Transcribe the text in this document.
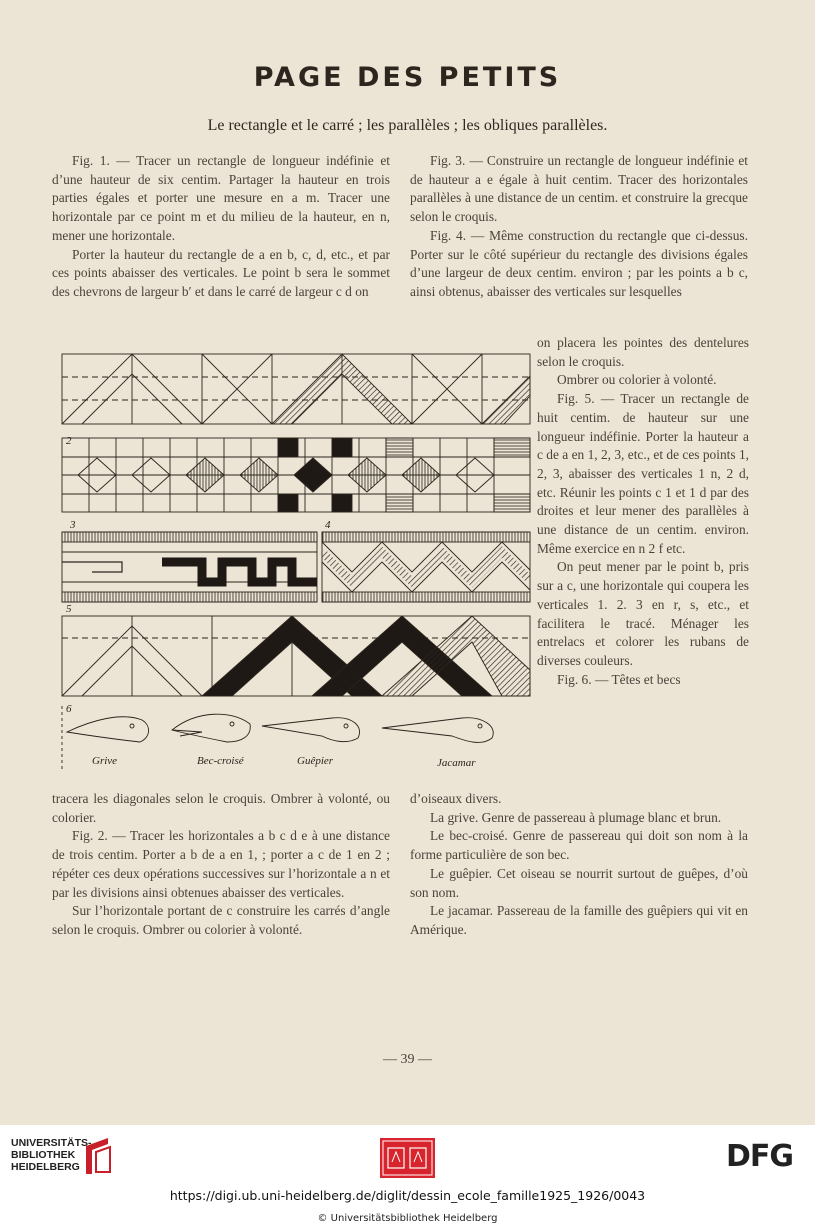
PAGE DES PETITS
Le rectangle et le carré ; les parallèles ; les obliques parallèles.

Fig. 1. — Tracer un rectangle de longueur indéfinie et d’une hauteur de six centim. Partager la hauteur en trois parties égales et porter une mesure en a m. Tracer une horizontale par ce point m et du milieu de la hauteur, en n, mener une horizontale.

Porter la hauteur du rectangle de a en b, c, d, etc., et par ces points abaisser des verticales. Le point b sera le sommet des chevrons de largeur b′ et dans le carré de largeur c d on

Fig. 3. — Construire un rectangle de longueur indéfinie et de hauteur a e égale à huit centim. Tracer des horizontales parallèles à une distance de un centim. et construire la grecque selon le croquis.

Fig. 4. — Même construction du rectangle que ci-dessus. Porter sur le côté supérieur du rectangle des divisions égales d’une largeur de deux centim. environ ; par les points a b c, ainsi obtenus, abaisser des verticales sur lesquelles

on placera les pointes des dentelures selon le croquis.

Ombrer ou colorier à volonté.

Fig. 5. — Tracer un rectangle de huit centim. de hauteur sur une longueur indéfinie. Porter la hauteur a c de a en 1, 2, 3, etc., et de ces points 1, 2, 3, abaisser des verticales 1 n, 2 d, etc. Réunir les points c 1 et 1 d par des droites et leur mener des parallèles à une distance de un centim. environ. Même exercice en n 2 f etc.

On peut mener par le point b, pris sur a c, une horizontale qui coupera les verticales 1. 2. 3 en r, s, etc., et facilitera le tracé. Ménager les entrelacs et colorer les rubans de diverses couleurs.

Fig. 6. — Têtes et becs

2
3	4
5
6
Grive	Bec-croisé	Guêpier	Jacamar

tracera les diagonales selon le croquis. Ombrer à volonté, ou colorier.

Fig. 2. — Tracer les horizontales a b c d e à une distance de trois centim. Porter a b de a en 1, ; porter a c de 1 en 2 ; répéter ces deux opérations successives sur l’horizontale a n et par les divisions ainsi obtenues abaisser des verticales.

Sur l’horizontale portant de c construire les carrés d’angle selon le croquis. Ombrer ou colorier à volonté.

d’oiseaux divers.

La grive. Genre de passereau à plumage blanc et brun.

Le bec-croisé. Genre de passereau qui doit son nom à la forme particulière de son bec.

Le guêpier. Cet oiseau se nourrit surtout de guêpes, d’où son nom.

Le jacamar. Passereau de la famille des guêpiers qui vit en Amérique.

— 39 —
UNIVERSITÄTS-
BIBLIOTHEK
HEIDELBERG	DFG
https://digi.ub.uni-heidelberg.de/diglit/dessin_ecole_famille1925_1926/0043
© Universitätsbibliothek Heidelberg
